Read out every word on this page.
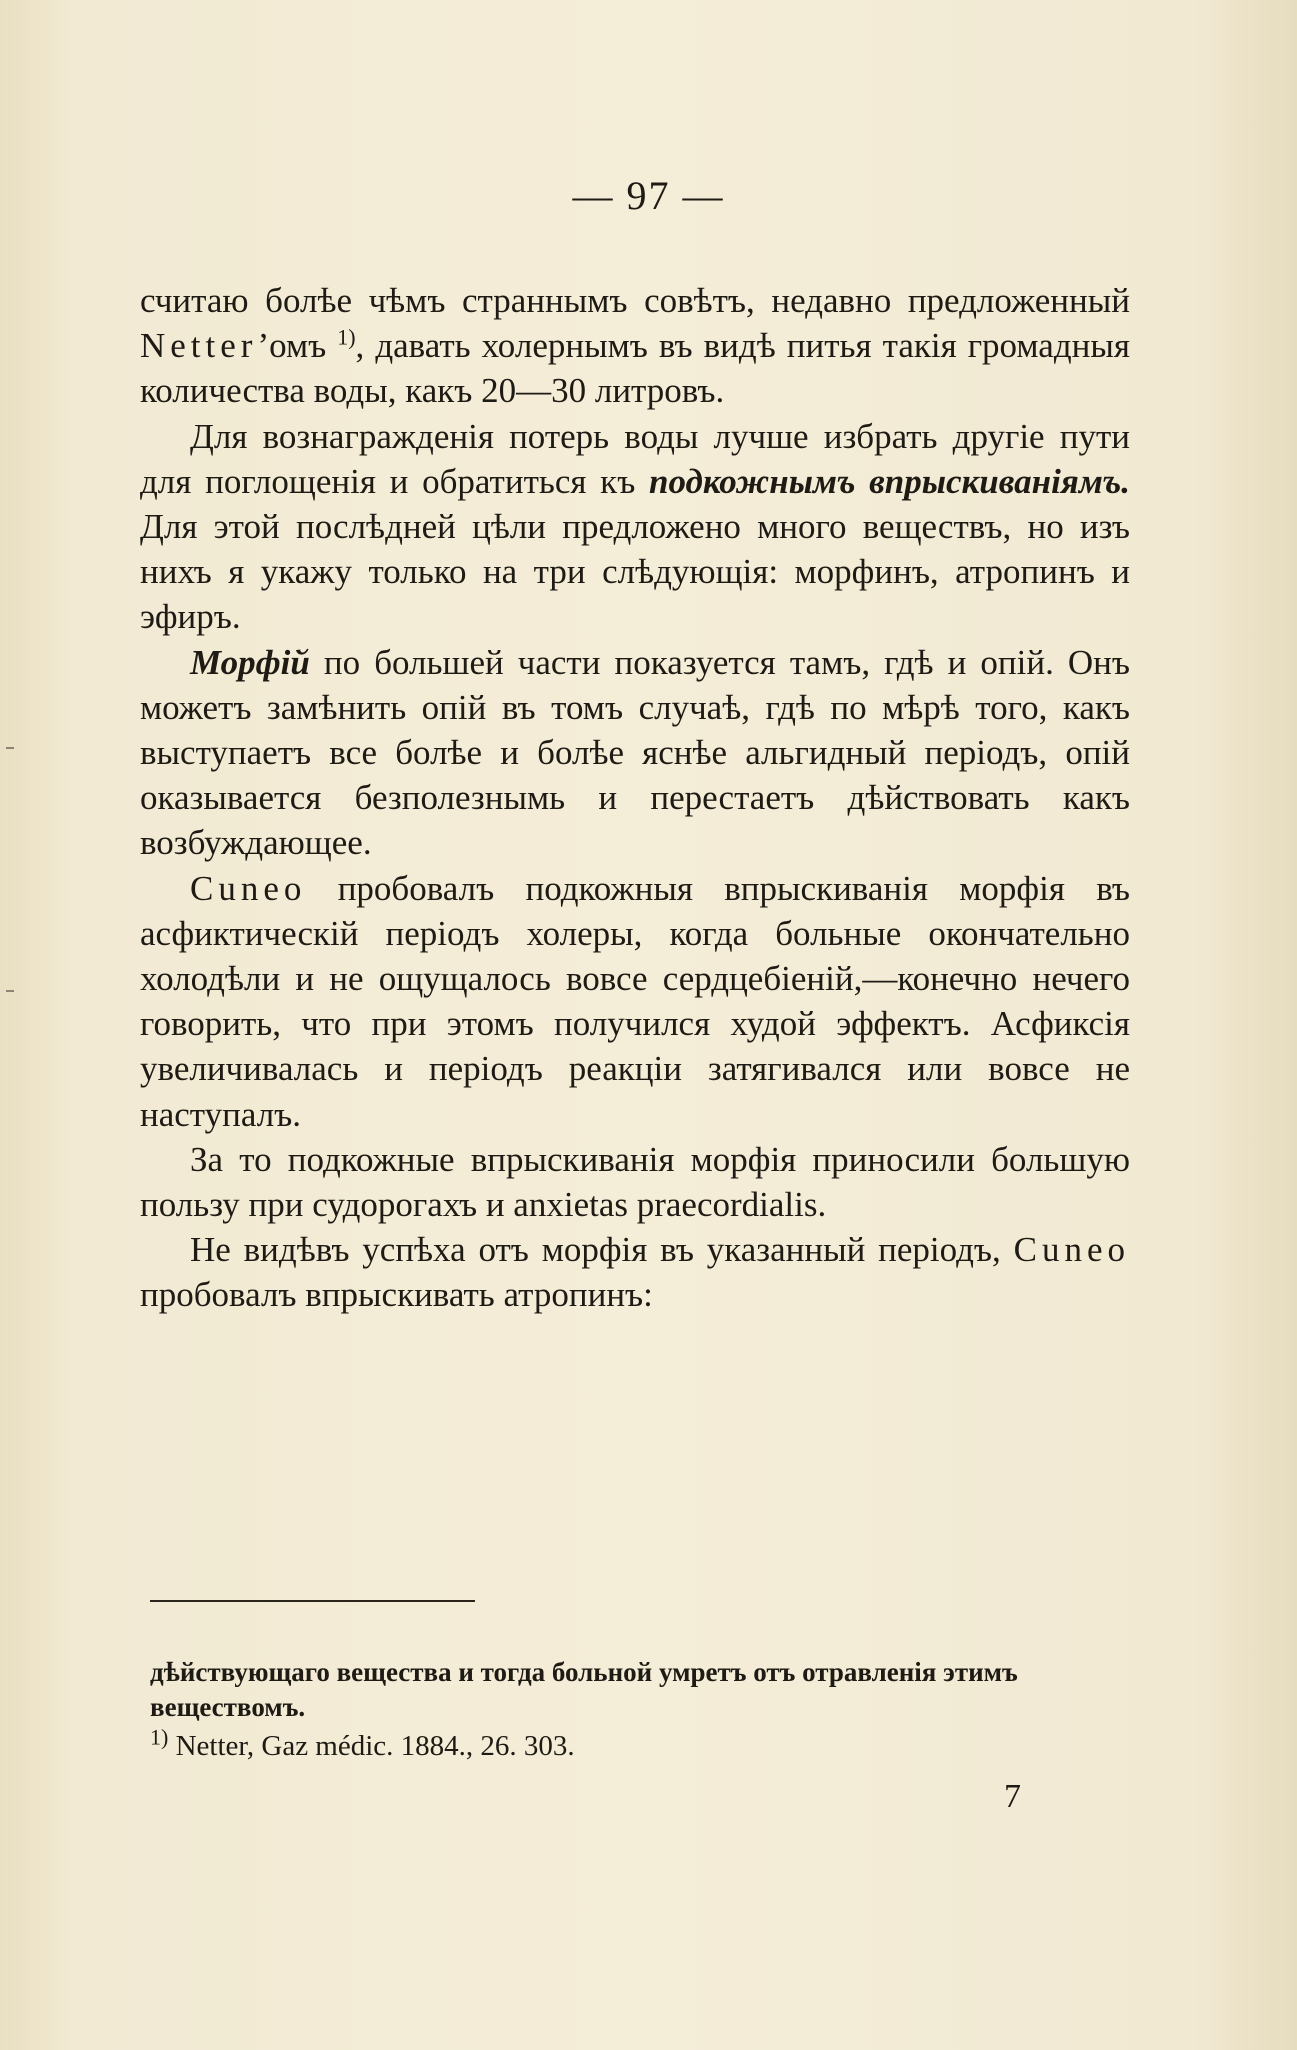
— 97 —

считаю болѣе чѣмъ страннымъ совѣтъ, недавно предложенный Netter’омъ $^{1)}$, давать холернымъ въ видѣ питья такія громадныя количества воды, какъ 20—30 литровъ.

Для вознагражденія потерь воды лучше избрать другіе пути для поглощенія и обратиться къ подкожнымъ впрыскиваніямъ. Для этой послѣдней цѣли предложено много веществъ, но изъ нихъ я укажу только на три слѣдующія: морфинъ, атропинъ и эфиръ.

Морфій по большей части показуется тамъ, гдѣ и опій. Онъ можетъ замѣнить опій въ томъ случаѣ, гдѣ по мѣрѣ того, какъ выступаетъ все болѣе и болѣе яснѣе альгидный періодъ, опій оказывается безполезнымь и перестаетъ дѣйствовать какъ возбуждающее.

Cuneo пробовалъ подкожныя впрыскиванія морфія въ асфиктическій періодъ холеры, когда больные окончательно холодѣли и не ощущалось вовсе сердцебіеній,—конечно нечего говорить, что при этомъ получился худой эффектъ. Асфиксія увеличивалась и періодъ реакціи затягивался или вовсе не наступалъ.

За то подкожные впрыскиванія морфія приносили большую пользу при судорогахъ и anxietas praecordialis.

Не видѣвъ успѣха отъ морфія въ указанный періодъ, Cuneo пробовалъ впрыскивать атропинъ:

дѣйствующаго вещества и тогда больной умретъ отъ отравленія этимъ веществомъ.

$^{1)}$ Netter, Gaz médic. 1884., 26. 303.

7
